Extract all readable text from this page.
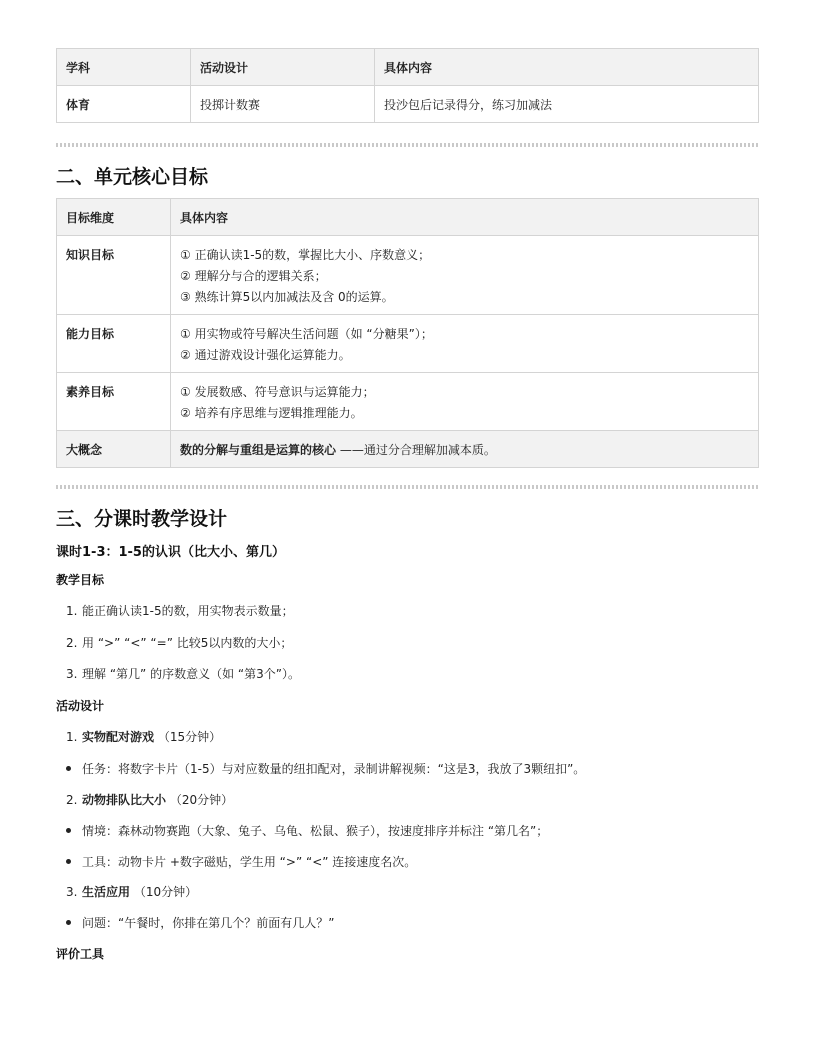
学科	活动设计	具体内容
体育	投掷计数赛	投沙包后记录得分，练习加减法
二、单元核心目标
目标维度	具体内容
知识目标	① 正确认读1-5的数，掌握比大小、序数意义；
② 理解分与合的逻辑关系；
③ 熟练计算5以内加减法及含 0的运算。

能力目标	① 用实物或符号解决生活问题（如 “分糖果”）；
② 通过游戏设计强化运算能力。

素养目标	① 发展数感、符号意识与运算能力；
② 培养有序思维与逻辑推理能力。

大概念	数的分解与重组是运算的核心 ——通过分合理解加减本质。
三、分课时教学设计
课时1-3：1-5的认识（比大小、第几）
教学目标
1. 能正确认读1-5的数，用实物表示数量；
2. 用 “>” “<” “=” 比较5以内数的大小；
3. 理解 “第几” 的序数意义（如 “第3个”）。
活动设计
1. 实物配对游戏 （15分钟）
任务：将数字卡片（1-5）与对应数量的纽扣配对，录制讲解视频：“这是3，我放了3颗纽扣”。
2. 动物排队比大小 （20分钟）
情境：森林动物赛跑（大象、兔子、乌龟、松鼠、猴子），按速度排序并标注 “第几名”；
工具：动物卡片 +数字磁贴，学生用 “>” “<” 连接速度名次。
3. 生活应用 （10分钟）
问题：“午餐时，你排在第几个？前面有几人？”
评价工具
